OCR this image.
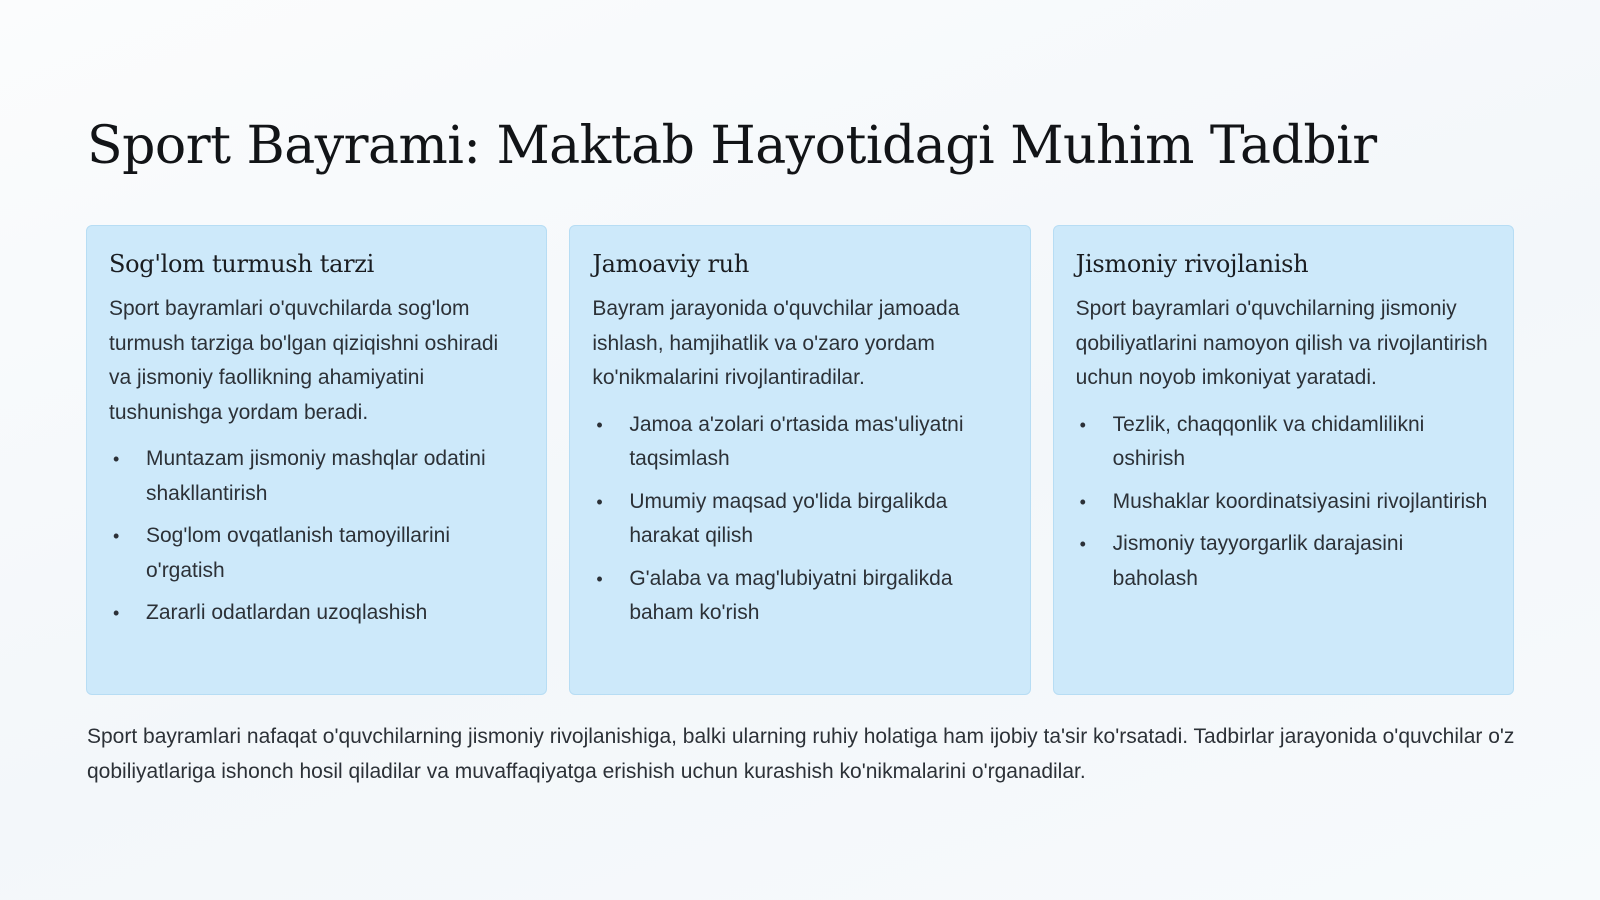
Sport Bayrami: Maktab Hayotidagi Muhim Tadbir
Sog'lom turmush tarzi

Sport bayramlari o'quvchilarda sog'lom turmush tarziga bo'lgan qiziqishni oshiradi va jismoniy faollikning ahamiyatini tushunishga yordam beradi.

• Muntazam jismoniy mashqlar odatini shakllantirish
• Sog'lom ovqatlanish tamoyillarini o'rgatish
• Zararli odatlardan uzoqlashish
Jamoaviy ruh

Bayram jarayonida o'quvchilar jamoada ishlash, hamjihatlik va o'zaro yordam ko'nikmalarini rivojlantiradilar.

• Jamoa a'zolari o'rtasida mas'uliyatni taqsimlash
• Umumiy maqsad yo'lida birgalikda harakat qilish
• G'alaba va mag'lubiyatni birgalikda baham ko'rish
Jismoniy rivojlanish

Sport bayramlari o'quvchilarning jismoniy qobiliyatlarini namoyon qilish va rivojlantirish uchun noyob imkoniyat yaratadi.

• Tezlik, chaqqonlik va chidamlilikni oshirish
• Mushaklar koordinatsiyasini rivojlantirish
• Jismoniy tayyorgarlik darajasini baholash

Sport bayramlari nafaqat o'quvchilarning jismoniy rivojlanishiga, balki ularning ruhiy holatiga ham ijobiy ta'sir ko'rsatadi. Tadbirlar jarayonida o'quvchilar o'z qobiliyatlariga ishonch hosil qiladilar va muvaffaqiyatga erishish uchun kurashish ko'nikmalarini o'rganadilar.
